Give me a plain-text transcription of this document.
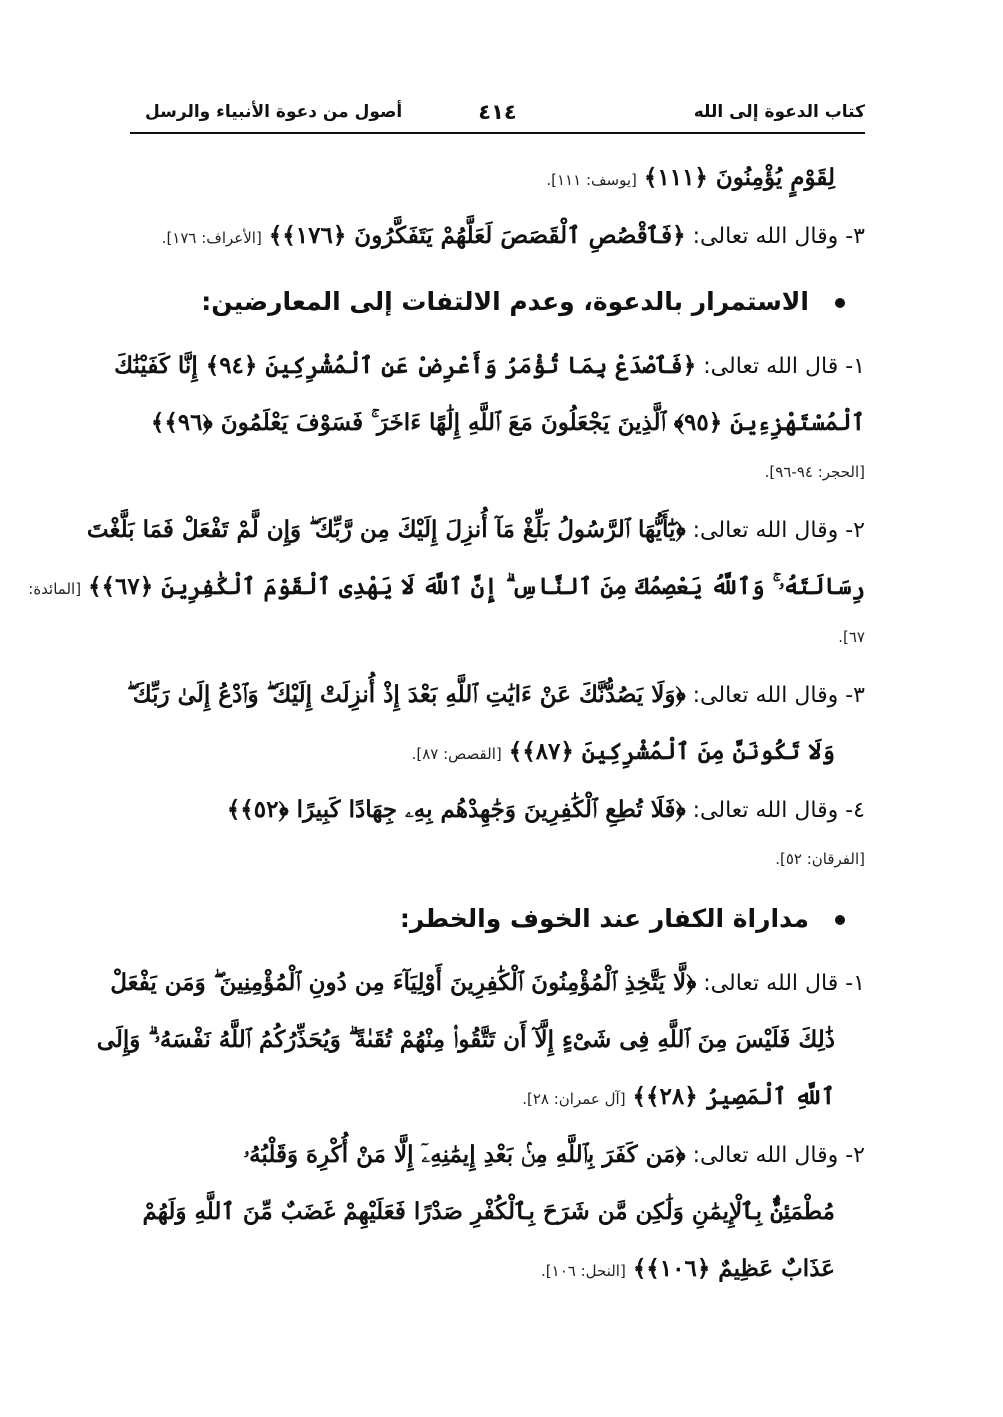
كتاب الدعوة إلى الله
٤١٤
أصول من دعوة الأنبياء والرسل
لِقَوْمٍ يُؤْمِنُونَ ﴿١١١﴾ [يوسف: ١١١].
٣- وقال الله تعالى: ﴿فَٱقْصُصِ ٱلْقَصَصَ لَعَلَّهُمْ يَتَفَكَّرُونَ ﴿١٧٦﴾﴾ [الأعراف: ١٧٦].
الاستمرار بالدعوة، وعدم الالتفات إلى المعارضين:
١- قال الله تعالى: ﴿فَٱصْدَعْ بِمَا تُؤْمَرُ وَأَعْرِضْ عَنِ ٱلْمُشْرِكِينَ ﴿٩٤﴾ إِنَّا كَفَيْنَٰكَ
ٱلْمُسْتَهْزِءِينَ ﴿٩٥﴾ ٱلَّذِينَ يَجْعَلُونَ مَعَ ٱللَّهِ إِلَٰهًا ءَاخَرَ ۚ فَسَوْفَ يَعْلَمُونَ ﴿٩٦﴾﴾
[الحجر: ٩٤-٩٦].
٢- وقال الله تعالى: ﴿يَٰٓأَيُّهَا ٱلرَّسُولُ بَلِّغْ مَآ أُنزِلَ إِلَيْكَ مِن رَّبِّكَ ۖ وَإِن لَّمْ تَفْعَلْ فَمَا بَلَّغْتَ
رِسَالَتَهُۥ ۚ وَٱللَّهُ يَعْصِمُكَ مِنَ ٱلنَّاسِ ۗ إِنَّ ٱللَّهَ لَا يَهْدِى ٱلْقَوْمَ ٱلْكَٰفِرِينَ ﴿٦٧﴾﴾ [المائدة:
٦٧].
٣- وقال الله تعالى: ﴿وَلَا يَصُدُّنَّكَ عَنْ ءَايَٰتِ ٱللَّهِ بَعْدَ إِذْ أُنزِلَتْ إِلَيْكَ ۖ وَٱدْعُ إِلَىٰ رَبِّكَ ۖ
وَلَا تَكُونَنَّ مِنَ ٱلْمُشْرِكِينَ ﴿٨٧﴾﴾ [القصص: ٨٧].
٤- وقال الله تعالى: ﴿فَلَا تُطِعِ ٱلْكَٰفِرِينَ وَجَٰهِدْهُم بِهِۦ جِهَادًا كَبِيرًا ﴿٥٢﴾﴾
[الفرقان: ٥٢].
مداراة الكفار عند الخوف والخطر:
١- قال الله تعالى: ﴿لَّا يَتَّخِذِ ٱلْمُؤْمِنُونَ ٱلْكَٰفِرِينَ أَوْلِيَآءَ مِن دُونِ ٱلْمُؤْمِنِينَ ۖ وَمَن يَفْعَلْ
ذَٰلِكَ فَلَيْسَ مِنَ ٱللَّهِ فِى شَىْءٍ إِلَّآ أَن تَتَّقُوا۟ مِنْهُمْ تُقَىٰةً ۗ وَيُحَذِّرُكُمُ ٱللَّهُ نَفْسَهُۥ ۗ وَإِلَى
ٱللَّهِ ٱلْمَصِيرُ ﴿٢٨﴾﴾ [آل عمران: ٢٨].
٢- وقال الله تعالى: ﴿مَن كَفَرَ بِٱللَّهِ مِنۢ بَعْدِ إِيمَٰنِهِۦٓ إِلَّا مَنْ أُكْرِهَ وَقَلْبُهُۥ
مُطْمَئِنٌّۢ بِٱلْإِيمَٰنِ وَلَٰكِن مَّن شَرَحَ بِٱلْكُفْرِ صَدْرًا فَعَلَيْهِمْ غَضَبٌ مِّنَ ٱللَّهِ وَلَهُمْ
عَذَابٌ عَظِيمٌ ﴿١٠٦﴾﴾ [النحل: ١٠٦].
